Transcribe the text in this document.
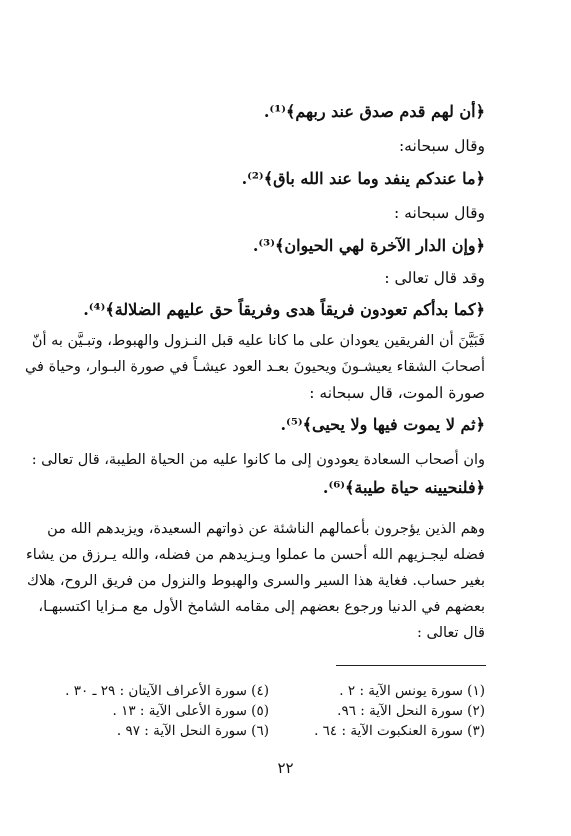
﴿أن لهم قدم صدق عند ربهم﴾⁽¹⁾.
وقال سبحانه:
﴿ما عندكم ينفد وما عند الله باق﴾⁽²⁾.
وقال سبحانه :
﴿وإن الدار الآخرة لهي الحيوان﴾⁽³⁾.
وقد قال تعالى :
﴿كما بدأكم تعودون فريقاً هدى وفريقاً حق عليهم الضلالة﴾⁽⁴⁾.
فَبَيَّنَ أن الفريقين يعودان على ما كانا عليه قبل النـزول والهبوط، وتبـيَّن به أنّ
أصحابَ الشقاء يعيشـونَ ويحيونَ بعـد العود عيشـاً في صورة البـوار، وحياة في
صورة الموت، قال سبحانه :
﴿ثم لا يموت فيها ولا يحيى﴾⁽⁵⁾.
وان أصحاب السعادة يعودون إلى ما كانوا عليه من الحياة الطيبة، قال تعالى :
﴿فلنحيينه حياة طيبة﴾⁽⁶⁾.
وهم الذين يؤجرون بأعمالهم الناشئة عن ذواتهم السعيدة، ويزيدهم الله من
فضله ليجـزيهم الله أحسن ما عملوا ويـزيدهم من فضله، والله يـرزق من يشاء
بغير حساب. فغاية هذا السير والسرى والهبوط والنزول من فريق الروح، هلاك
بعضهم في الدنيا ورجوع بعضهم إلى مقامه الشامخ الأول مع مـزايا اكتسبهـا،
قال تعالى :
(١) سورة يونس الآية : ٢ .
(٢) سورة النحل الآية : ٩٦.
(٣) سورة العنكبوت الآية : ٦٤ .
(٤) سورة الأعراف الآيتان : ٢٩ ـ ٣٠ .
(٥) سورة الأعلى الآية : ١٣ .
(٦) سورة النحل الآية : ٩٧ .
٢٢
